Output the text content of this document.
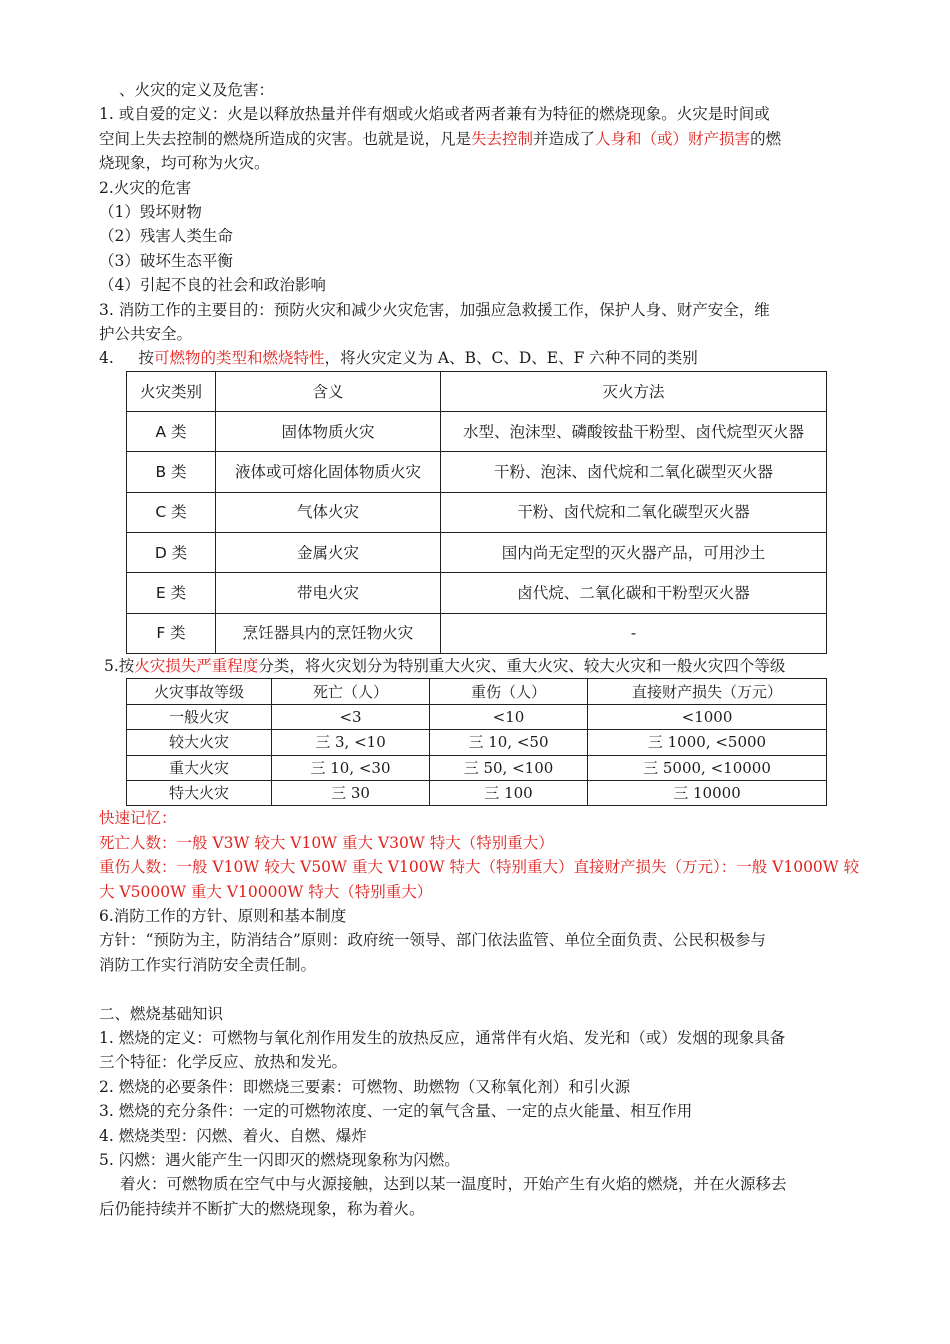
、火灾的定义及危害：
1. 或自爱的定义：火是以释放热量并伴有烟或火焰或者两者兼有为特征的燃烧现象。火灾是时间或
空间上失去控制的燃烧所造成的灾害。也就是说，凡是失去控制并造成了人身和（或）财产损害的燃
烧现象，均可称为火灾。
2.火灾的危害
（1）毁坏财物
（2）残害人类生命
（3）破坏生态平衡
（4）引起不良的社会和政治影响
3. 消防工作的主要目的：预防火灾和减少火灾危害，加强应急救援工作，保护人身、财产安全，维
护公共安全。
4.     按可燃物的类型和燃烧特性，将火灾定义为 A、B、C、D、E、F 六种不同的类别
火灾类别	含义	灭火方法
A 类	固体物质火灾	水型、泡沫型、磷酸铵盐干粉型、卤代烷型灭火器
B 类	液体或可熔化固体物质火灾	干粉、泡沫、卤代烷和二氧化碳型灭火器
C 类	气体火灾	干粉、卤代烷和二氧化碳型灭火器
D 类	金属火灾	国内尚无定型的灭火器产品，可用沙土
E 类	带电火灾	卤代烷、二氧化碳和干粉型灭火器
F 类	烹饪器具内的烹饪物火灾	-
5.按火灾损失严重程度分类，将火灾划分为特别重大火灾、重大火灾、较大火灾和一般火灾四个等级
火灾事故等级	死亡（人）	重伤（人）	直接财产损失（万元）
一般火灾	<3	<10	<1000
较大火灾	三 3, <10	三 10, <50	三 1000, <5000
重大火灾	三 10, <30	三 50, <100	三 5000, <10000
特大火灾	三 30	三 100	三 10000
快速记忆：
死亡人数：一般 V3W 较大 V10W 重大 V30W 特大（特别重大）
重伤人数：一般 V10W 较大 V50W 重大 V100W 特大（特别重大）直接财产损失（万元）：一般 V1000W 较
大 V5000W 重大 V10000W 特大（特别重大）
6.消防工作的方针、原则和基本制度
方针：“预防为主，防消结合”原则：政府统一领导、部门依法监管、单位全面负责、公民积极参与
消防工作实行消防安全责任制。
二、燃烧基础知识
1. 燃烧的定义：可燃物与氧化剂作用发生的放热反应，通常伴有火焰、发光和（或）发烟的现象具备
三个特征：化学反应、放热和发光。
2. 燃烧的必要条件：即燃烧三要素：可燃物、助燃物（又称氧化剂）和引火源
3. 燃烧的充分条件：一定的可燃物浓度、一定的氧气含量、一定的点火能量、相互作用
4. 燃烧类型：闪燃、着火、自燃、爆炸
5. 闪燃：遇火能产生一闪即灭的燃烧现象称为闪燃。
着火：可燃物质在空气中与火源接触，达到以某一温度时，开始产生有火焰的燃烧，并在火源移去
后仍能持续并不断扩大的燃烧现象，称为着火。
